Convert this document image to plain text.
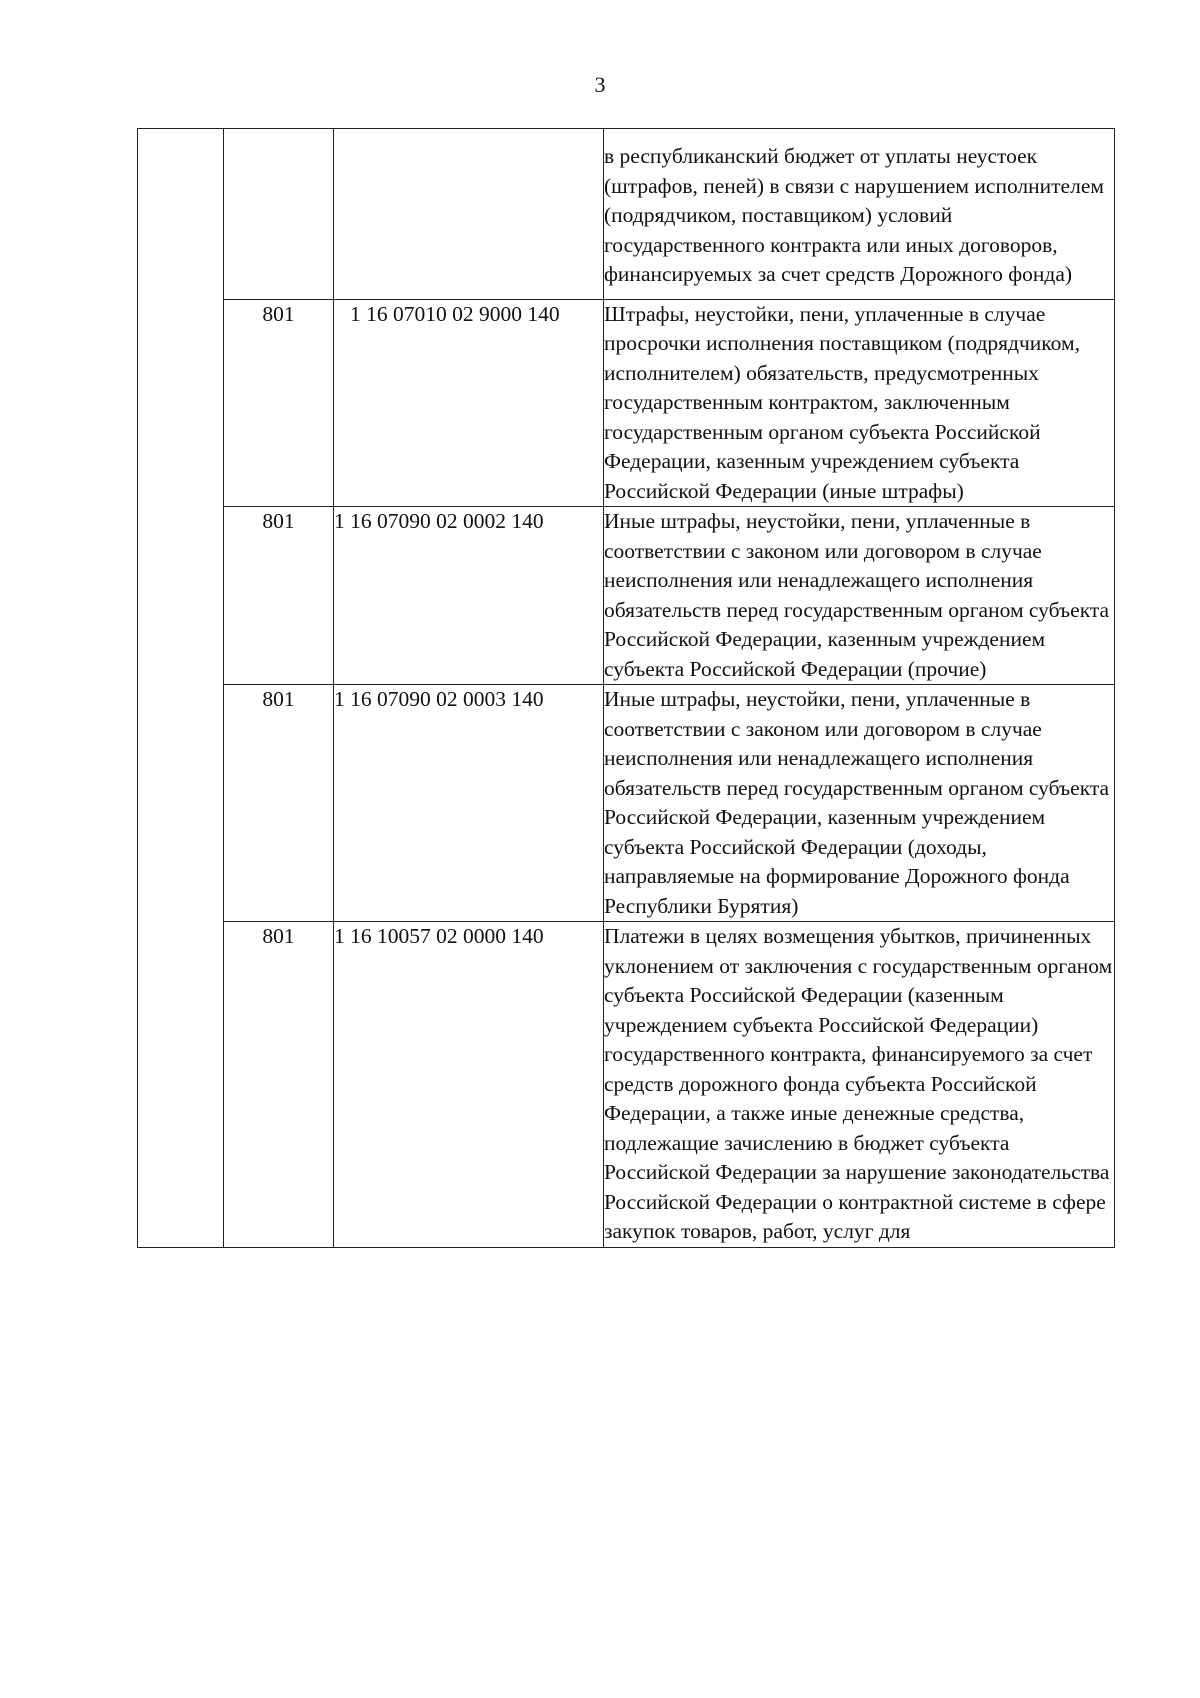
3

			в республиканский бюджет от уплаты неустоек (штрафов, пеней) в связи с нарушением исполнителем (подрядчиком, поставщиком) условий государственного контракта или иных договоров, финансируемых за счет средств Дорожного фонда)

	801	1 16 07010 02 9000 140	Штрафы, неустойки, пени, уплаченные в случае просрочки исполнения поставщиком (подрядчиком, исполнителем) обязательств, предусмотренных государственным контрактом, заключенным государственным органом субъекта Российской Федерации, казенным учреждением субъекта Российской Федерации (иные штрафы)

	801	1 16 07090 02 0002 140	Иные штрафы, неустойки, пени, уплаченные в соответствии с законом или договором в случае неисполнения или ненадлежащего исполнения обязательств перед государственным органом субъекта Российской Федерации, казенным учреждением субъекта Российской Федерации (прочие)

	801	1 16 07090 02 0003 140	Иные штрафы, неустойки, пени, уплаченные в соответствии с законом или договором в случае неисполнения или ненадлежащего исполнения обязательств перед государственным органом субъекта Российской Федерации, казенным учреждением субъекта Российской Федерации (доходы, направляемые на формирование Дорожного фонда Республики Бурятия)

	801	1 16 10057 02 0000 140	Платежи в целях возмещения убытков, причиненных уклонением от заключения с государственным органом субъекта Российской Федерации (казенным учреждением субъекта Российской Федерации) государственного контракта, финансируемого за счет средств дорожного фонда субъекта Российской Федерации, а также иные денежные средства, подлежащие зачислению в бюджет субъекта Российской Федерации за нарушение законодательства Российской Федерации о контрактной системе в сфере закупок товаров, работ, услуг для
